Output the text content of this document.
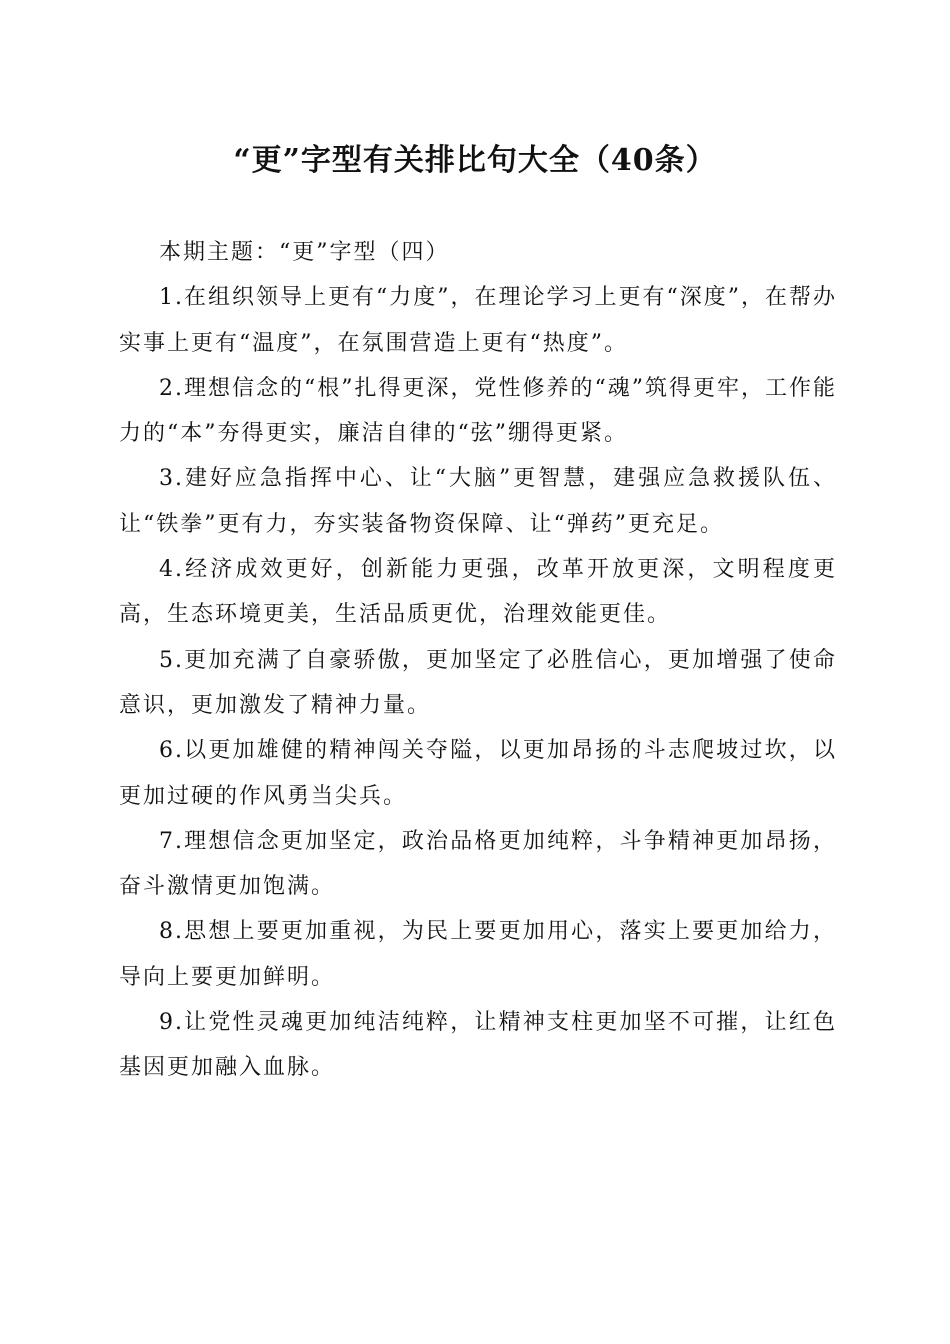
“更”字型有关排比句大全（40条）

本期主题：“更”字型（四）

1.在组织领导上更有“力度”，在理论学习上更有“深度”，在帮办实事上更有“温度”，在氛围营造上更有“热度”。

2.理想信念的“根”扎得更深，党性修养的“魂”筑得更牢，工作能力的“本”夯得更实，廉洁自律的“弦”绷得更紧。

3.建好应急指挥中心、让“大脑”更智慧，建强应急救援队伍、让“铁拳”更有力，夯实装备物资保障、让“弹药”更充足。

4.经济成效更好，创新能力更强，改革开放更深，文明程度更高，生态环境更美，生活品质更优，治理效能更佳。

5.更加充满了自豪骄傲，更加坚定了必胜信心，更加增强了使命意识，更加激发了精神力量。

6.以更加雄健的精神闯关夺隘，以更加昂扬的斗志爬坡过坎，以更加过硬的作风勇当尖兵。

7.理想信念更加坚定，政治品格更加纯粹，斗争精神更加昂扬，奋斗激情更加饱满。

8.思想上要更加重视，为民上要更加用心，落实上要更加给力，导向上要更加鲜明。

9.让党性灵魂更加纯洁纯粹，让精神支柱更加坚不可摧，让红色基因更加融入血脉。
